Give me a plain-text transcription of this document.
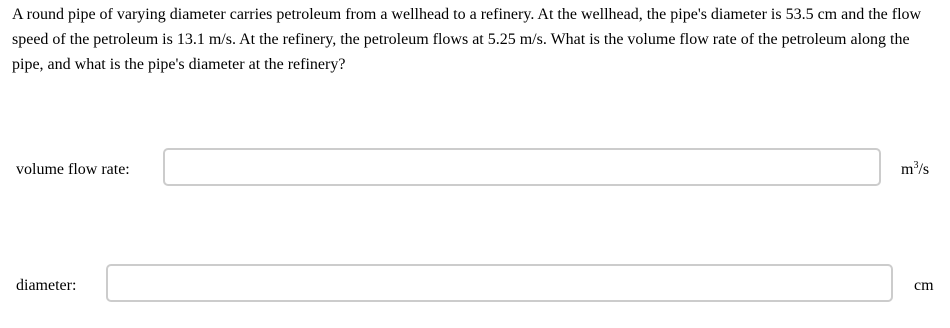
A round pipe of varying diameter carries petroleum from a wellhead to a refinery. At the wellhead, the pipe's diameter is 53.5 cm and the flow speed of the petroleum is 13.1 m/s. At the refinery, the petroleum flows at 5.25 m/s. What is the volume flow rate of the petroleum along the pipe, and what is the pipe's diameter at the refinery?

volume flow rate:	$m^3/s$
diameter:	cm
